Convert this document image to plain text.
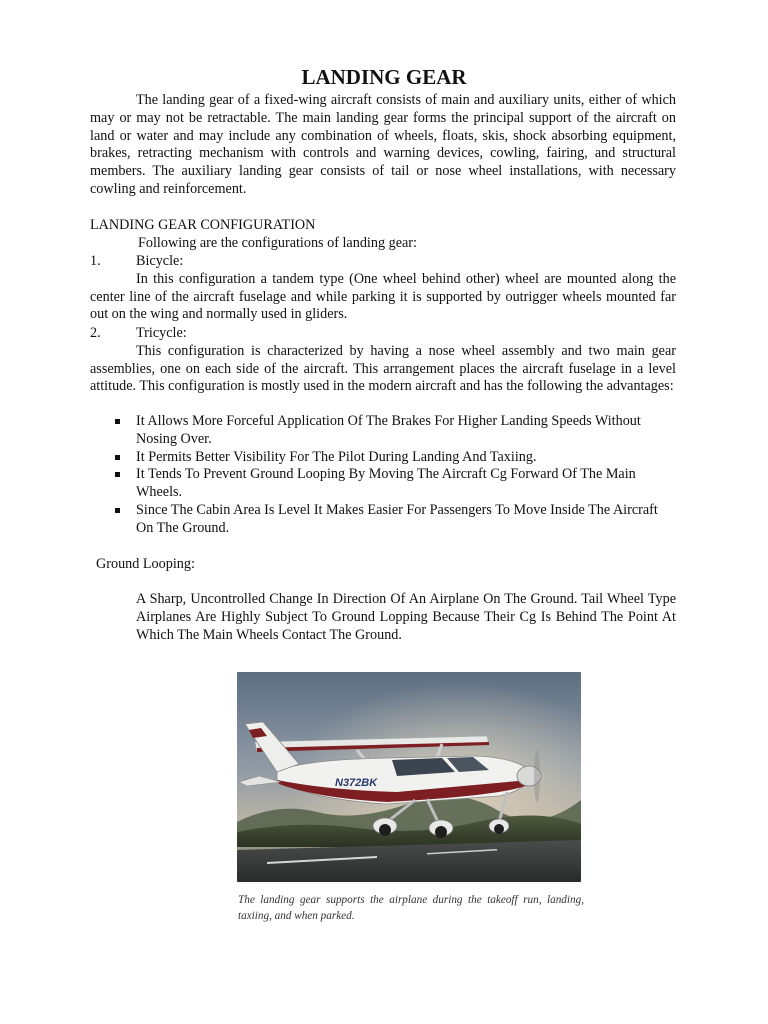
LANDING GEAR
The landing gear of a fixed-wing aircraft consists of main and auxiliary units, either of which may or may not be retractable. The main landing gear forms the principal support of the aircraft on land or water and may include any combination of wheels, floats, skis, shock absorbing equipment, brakes, retracting mechanism with controls and warning devices, cowling, fairing, and structural members. The auxiliary landing gear consists of tail or nose wheel installations, with necessary cowling and reinforcement.
LANDING GEAR CONFIGURATION
Following are the configurations of landing gear:
1. Bicycle:

In this configuration a tandem type (One wheel behind other) wheel are mounted along the center line of the aircraft fuselage and while parking it is supported by outrigger wheels mounted far out on the wing and normally used in gliders.

2. Tricycle:

This configuration is characterized by having a nose wheel assembly and two main gear assemblies, one on each side of the aircraft. This arrangement places the aircraft fuselage in a level attitude. This configuration is mostly used in the modern aircraft and has the following the advantages:

It Allows More Forceful Application Of The Brakes For Higher Landing Speeds Without Nosing Over.
It Permits Better Visibility For The Pilot During Landing And Taxiing.
It Tends To Prevent Ground Looping By Moving The Aircraft Cg Forward Of The Main Wheels.
Since The Cabin Area Is Level It Makes Easier For Passengers To Move Inside The Aircraft On The Ground.
Ground Looping:
A Sharp, Uncontrolled Change In Direction Of An Airplane On The Ground. Tail Wheel Type Airplanes Are Highly Subject To Ground Lopping Because Their Cg Is Behind The Point At Which The Main Wheels Contact The Ground.
N372BK
The landing gear supports the airplane during the takeoff run, landing, taxiing, and when parked.
